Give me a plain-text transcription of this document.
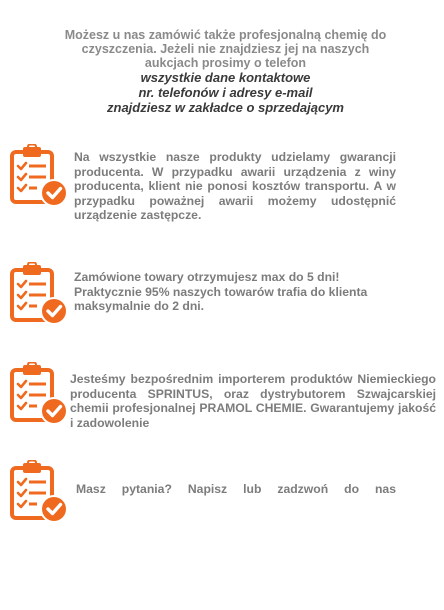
Możesz u nas zamówić także profesjonalną chemię do czyszczenia. Jeżeli nie znajdziesz jej na naszych aukcjach prosimy o telefon
wszystkie dane kontaktowe
nr. telefonów i adresy e-mail
znajdziesz w zakładce o sprzedającym
Na wszystkie nasze produkty udzielamy gwarancji producenta. W przypadku awarii urządzenia z winy producenta, klient nie ponosi kosztów transportu. A w przypadku poważnej awarii możemy udostępnić urządzenie zastępcze.
Zamówione towary otrzymujesz max do 5 dni! Praktycznie 95% naszych towarów trafia do klienta maksymalnie do 2 dni.
Jesteśmy bezpośrednim importerem produktów Niemieckiego producenta SPRINTUS, oraz dystrybutorem Szwajcarskiej chemii profesjonalnej PRAMOL CHEMIE. Gwarantujemy jakość i zadowolenie
Masz pytania? Napisz lub zadzwoń do nas
